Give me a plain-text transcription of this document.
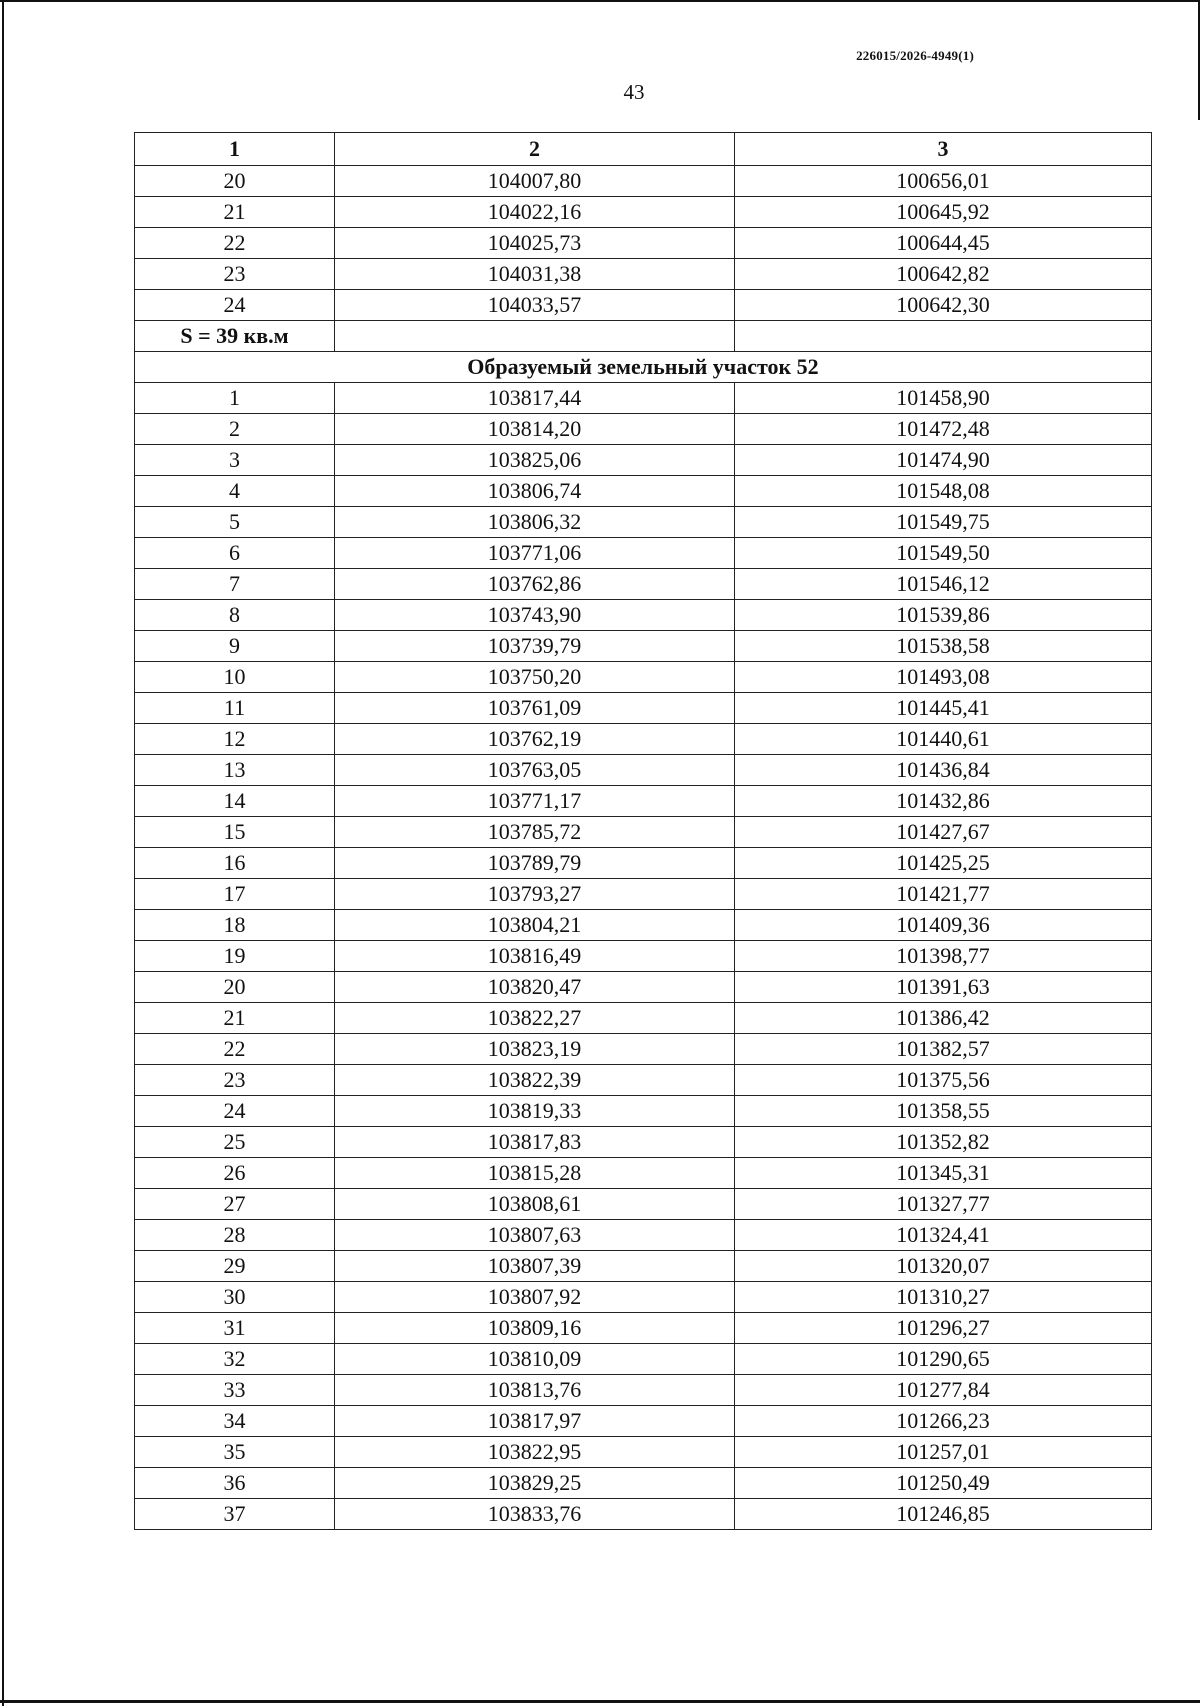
226015/2026-4949(1)
43
1	2	3
20	104007,80	100656,01
21	104022,16	100645,92
22	104025,73	100644,45
23	104031,38	100642,82
24	104033,57	100642,30
S = 39 кв.м		
Образуемый земельный участок 52		
1	103817,44	101458,90
2	103814,20	101472,48
3	103825,06	101474,90
4	103806,74	101548,08
5	103806,32	101549,75
6	103771,06	101549,50
7	103762,86	101546,12
8	103743,90	101539,86
9	103739,79	101538,58
10	103750,20	101493,08
11	103761,09	101445,41
12	103762,19	101440,61
13	103763,05	101436,84
14	103771,17	101432,86
15	103785,72	101427,67
16	103789,79	101425,25
17	103793,27	101421,77
18	103804,21	101409,36
19	103816,49	101398,77
20	103820,47	101391,63
21	103822,27	101386,42
22	103823,19	101382,57
23	103822,39	101375,56
24	103819,33	101358,55
25	103817,83	101352,82
26	103815,28	101345,31
27	103808,61	101327,77
28	103807,63	101324,41
29	103807,39	101320,07
30	103807,92	101310,27
31	103809,16	101296,27
32	103810,09	101290,65
33	103813,76	101277,84
34	103817,97	101266,23
35	103822,95	101257,01
36	103829,25	101250,49
37	103833,76	101246,85
